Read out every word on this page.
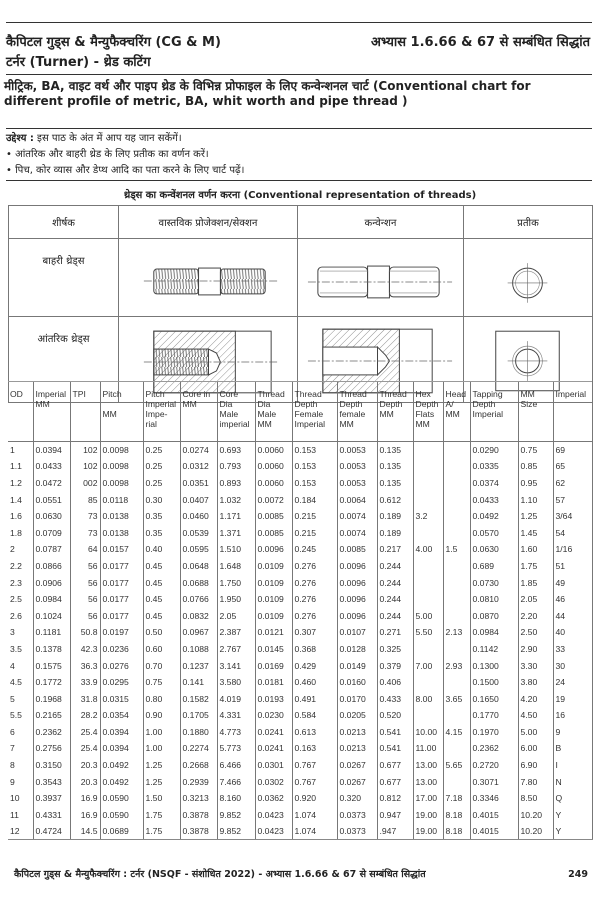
कैपिटल गुड्स & मैन्युफैक्चरिंग (CG & M)
टर्नर (Turner) - थ्रेड कटिंग
अभ्यास 1.6.66 & 67 से सम्बंधित सिद्धांत
मीट्रिक, BA, वाइट वर्थ और पाइप थ्रेड के विभिन्न प्रोफाइल के लिए कन्वेन्शनल चार्ट (Conventional chart for different profile of metric, BA, whit worth and pipe thread )
उद्देश्य : इस पाठ के अंत में आप यह जान सकेंगें।
• आंतरिक और बाहरी थ्रेड के लिए प्रतीक का वर्णन करें।
• पिच, कोर व्यास और डेप्थ आदि का पता करने के लिए चार्ट पढ़ें।
थ्रेड्स का कन्वेंशनल वर्णन करना (Conventional representation of threads)
शीर्षक	वास्तविक प्रोजेक्शन/सेक्शन	कन्वेन्शन	प्रतीक
बाहरी थ्रेड्स	

आंतरिक थ्रेड्स	

OD	Imperial MM	TPI	Pitch

MM	Pitch Imperial Impe-rial	Core in MM	Core Dia Male imperial	Thread Dia Male MM	Thread Depth Female Imperial	Thread Depth female MM	Thread Depth MM	Hex Depth Flats MM	Head A/ MM	Tapping Depth Imperial	MM Size	Imperial
1	0.0394	102	0.0098	0.25	0.0274	0.693	0.0060	0.153	0.0053	0.135			0.0290	0.75	69
1.1	0.0433	102	0.0098	0.25	0.0312	0.793	0.0060	0.153	0.0053	0.135			0.0335	0.85	65
1.2	0.0472	002	0.0098	0.25	0.0351	0.893	0.0060	0.153	0.0053	0.135			0.0374	0.95	62
1.4	0.0551	85	0.0118	0.30	0.0407	1.032	0.0072	0.184	0.0064	0.612			0.0433	1.10	57
1.6	0.0630	73	0.0138	0.35	0.0460	1.171	0.0085	0.215	0.0074	0.189	3.2		0.0492	1.25	3/64
1.8	0.0709	73	0.0138	0.35	0.0539	1.371	0.0085	0.215	0.0074	0.189			0.0570	1.45	54
2	0.0787	64	0.0157	0.40	0.0595	1.510	0.0096	0.245	0.0085	0.217	4.00	1.5	0.0630	1.60	1/16
2.2	0.0866	56	0.0177	0.45	0.0648	1.648	0.0109	0.276	0.0096	0.244			0.689	1.75	51
2.3	0.0906	56	0.0177	0.45	0.0688	1.750	0.0109	0.276	0.0096	0.244			0.0730	1.85	49
2.5	0.0984	56	0.0177	0.45	0.0766	1.950	0.0109	0.276	0.0096	0.244			0.0810	2.05	46
2.6	0.1024	56	0.0177	0.45	0.0832	2.05	0.0109	0.276	0.0096	0.244	5.00		0.0870	2.20	44
3	0.1181	50.8	0.0197	0.50	0.0967	2.387	0.0121	0.307	0.0107	0.271	5.50	2.13	0.0984	2.50	40
3.5	0.1378	42.3	0.0236	0.60	0.1088	2.767	0.0145	0.368	0.0128	0.325			0.1142	2.90	33
4	0.1575	36.3	0.0276	0.70	0.1237	3.141	0.0169	0.429	0.0149	0.379	7.00	2.93	0.1300	3.30	30
4.5	0.1772	33.9	0.0295	0.75	0.141	3.580	0.0181	0.460	0.0160	0.406			0.1500	3.80	24
5	0.1968	31.8	0.0315	0.80	0.1582	4.019	0.0193	0.491	0.0170	0.433	8.00	3.65	0.1650	4.20	19
5.5	0.2165	28.2	0.0354	0.90	0.1705	4.331	0.0230	0.584	0.0205	0.520			0.1770	4.50	16
6	0.2362	25.4	0.0394	1.00	0.1880	4.773	0.0241	0.613	0.0213	0.541	10.00	4.15	0.1970	5.00	9
7	0.2756	25.4	0.0394	1.00	0.2274	5.773	0.0241	0.163	0.0213	0.541	11.00		0.2362	6.00	B
8	0.3150	20.3	0.0492	1.25	0.2668	6.466	0.0301	0.767	0.0267	0.677	13.00	5.65	0.2720	6.90	I
9	0.3543	20.3	0.0492	1.25	0.2939	7.466	0.0302	0.767	0.0267	0.677	13.00		0.3071	7.80	N
10	0.3937	16.9	0.0590	1.50	0.3213	8.160	0.0362	0.920	0.320	0.812	17.00	7.18	0.3346	8.50	Q
11	0.4331	16.9	0.0590	1.75	0.3878	9.852	0.0423	1.074	0.0373	0.947	19.00	8.18	0.4015	10.20	Y
12	0.4724	14.5	0.0689	1.75	0.3878	9.852	0.0423	1.074	0.0373	.947	19.00	8.18	0.4015	10.20	Y
कैपिटल गुड्स & मैन्युफैक्चरिंग : टर्नर (NSQF - संशोधित 2022) - अभ्यास 1.6.66 & 67 से सम्बंधित सिद्धांत	249
